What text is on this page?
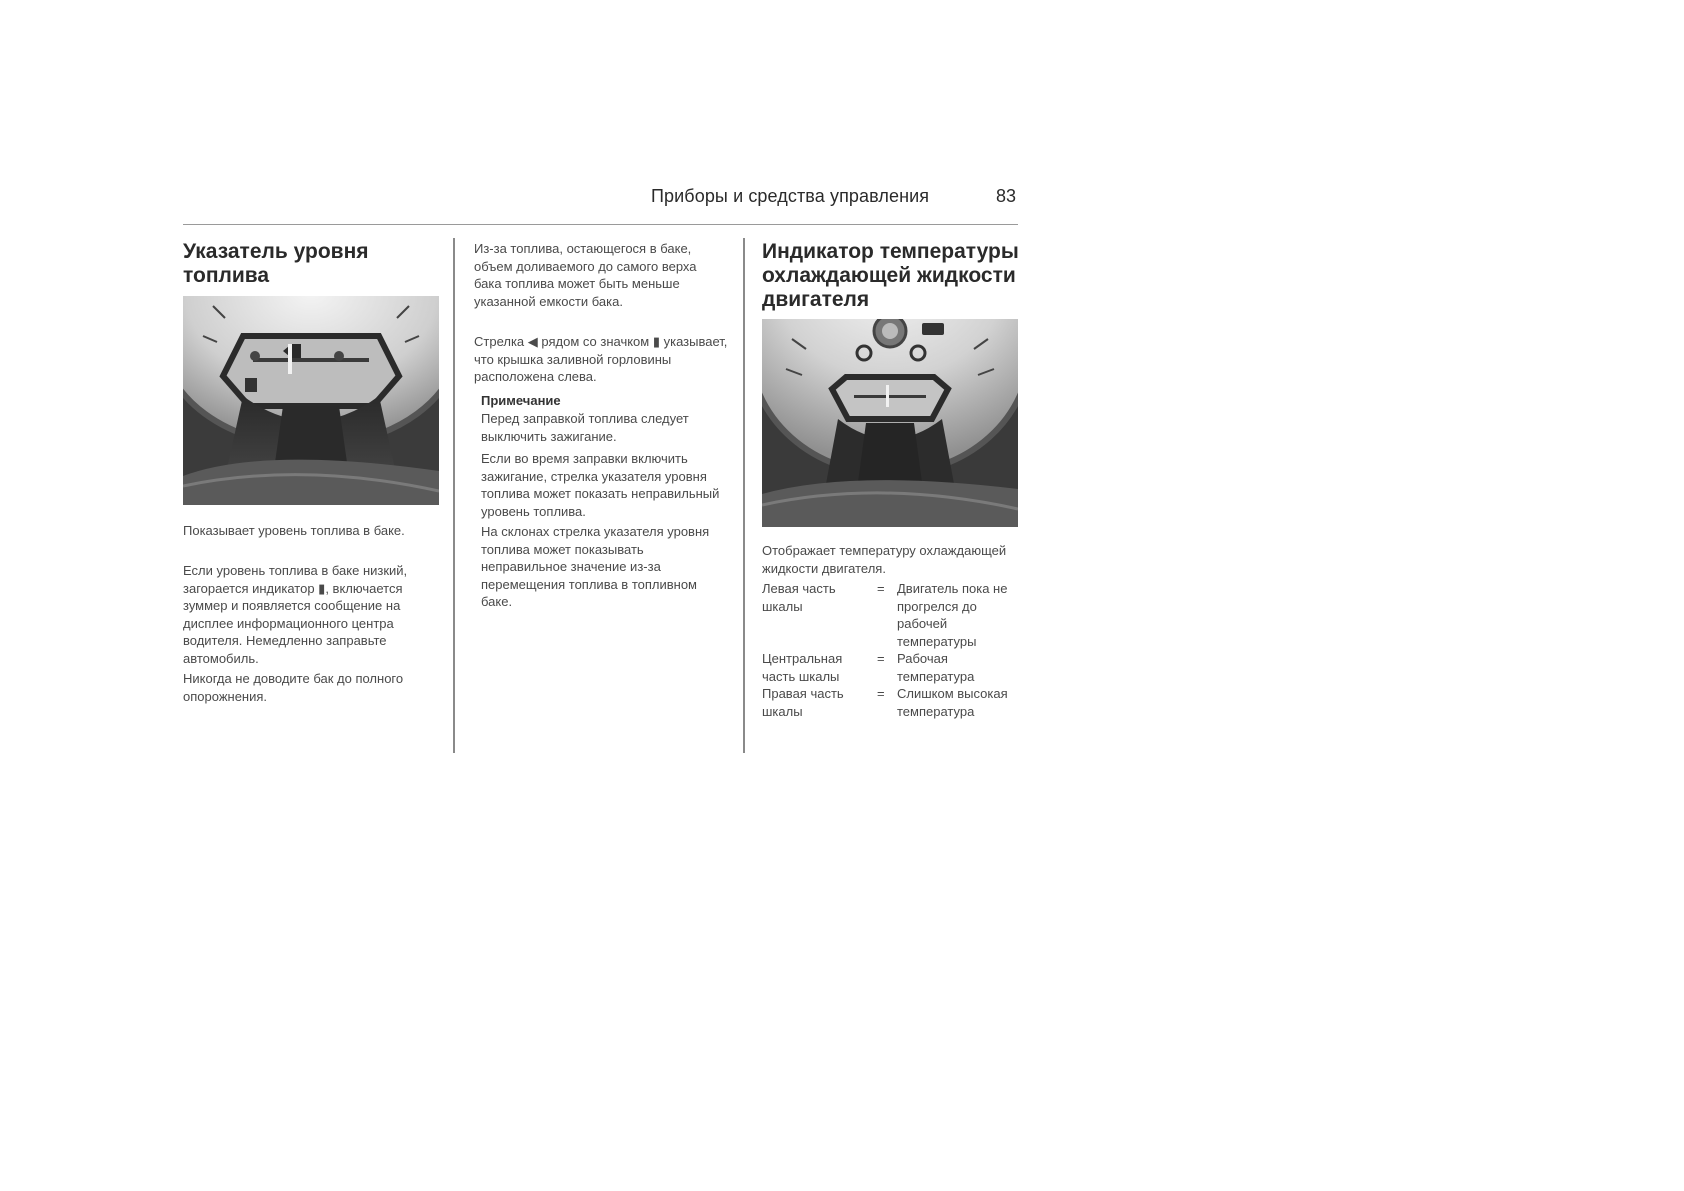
Приборы и средства управления	83
Указатель уровня топлива

Показывает уровень топлива в баке.

Если уровень топлива в баке низкий, загорается индикатор ▮, включается зуммер и появляется сообщение на дисплее информационного центра водителя. Немедленно заправьте автомобиль.

Никогда не доводите бак до полного опорожнения.

Из-за топлива, остающегося в баке, объем доливаемого до самого верха бака топлива может быть меньше указанной емкости бака.

Стрелка ◀ рядом со значком ▮ указывает, что крышка заливной горловины расположена слева.

Примечание

Перед заправкой топлива следует выключить зажигание.

Если во время заправки включить зажигание, стрелка указателя уровня топлива может показать неправильный уровень топлива.

На склонах стрелка указателя уровня топлива может показывать неправильное значение из-за перемещения топлива в топливном баке.

Индикатор температуры охлаждающей жидкости двигателя

Отображает температуру охлаждающей жидкости двигателя.

Левая часть шкалы	=	Двигатель пока не прогрелся до рабочей температуры
Центральная часть шкалы	=	Рабочая температура
Правая часть шкалы	=	Слишком высокая температура
